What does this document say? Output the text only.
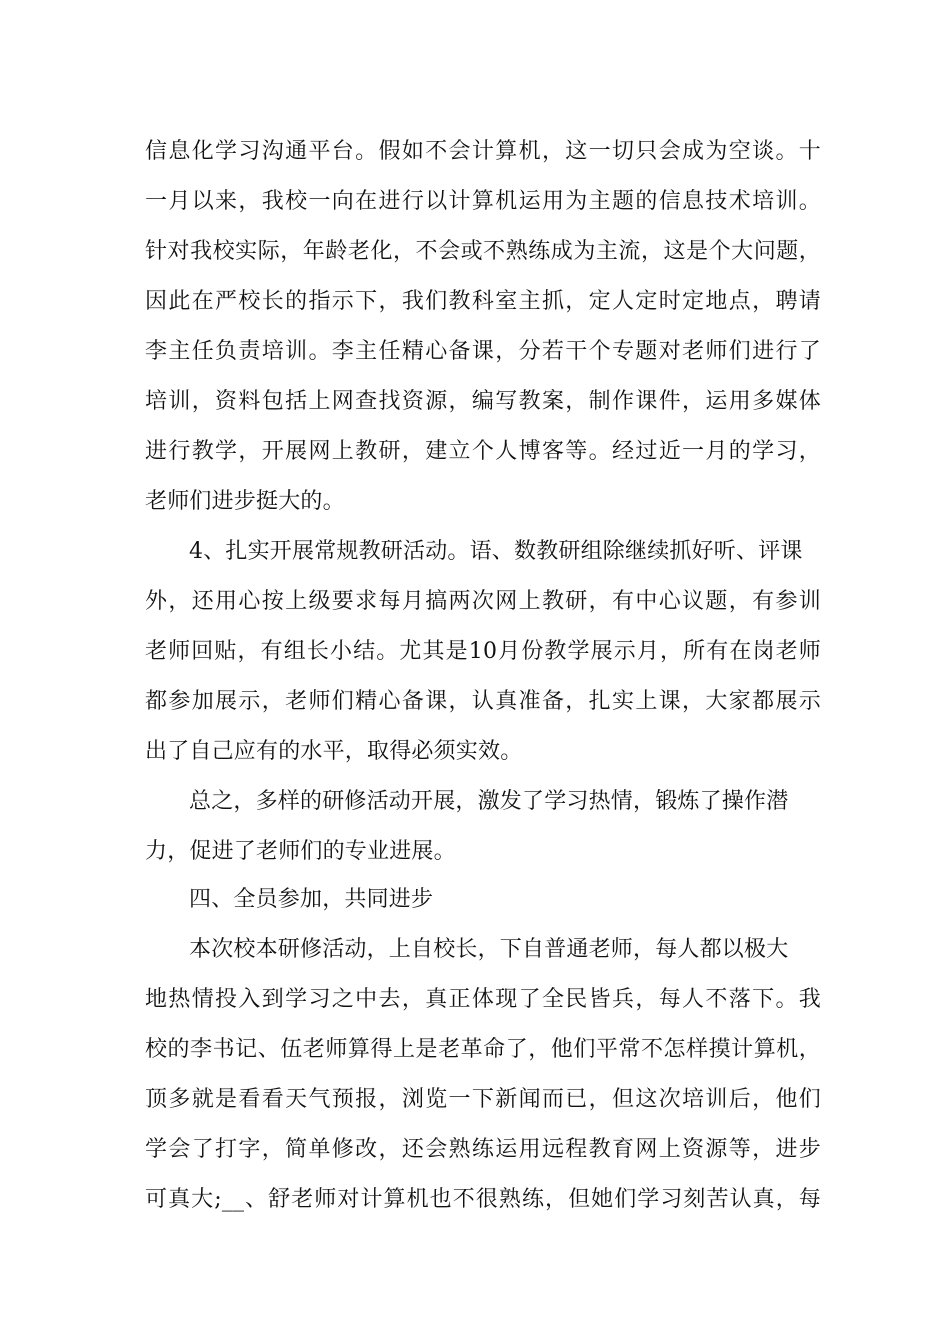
信息化学习沟通平台。假如不会计算机，这一切只会成为空谈。十
一月以来，我校一向在进行以计算机运用为主题的信息技术培训。
针对我校实际，年龄老化，不会或不熟练成为主流，这是个大问题，
因此在严校长的指示下，我们教科室主抓，定人定时定地点，聘请
李主任负责培训。李主任精心备课，分若干个专题对老师们进行了
培训，资料包括上网查找资源，编写教案，制作课件，运用多媒体
进行教学，开展网上教研，建立个人博客等。经过近一月的学习，
老师们进步挺大的。
4、扎实开展常规教研活动。语、数教研组除继续抓好听、评课
外，还用心按上级要求每月搞两次网上教研，有中心议题，有参训
老师回贴，有组长小结。尤其是10月份教学展示月，所有在岗老师
都参加展示，老师们精心备课，认真准备，扎实上课，大家都展示
出了自己应有的水平，取得必须实效。
总之，多样的研修活动开展，激发了学习热情，锻炼了操作潜
力，促进了老师们的专业进展。
四、全员参加，共同进步
本次校本研修活动，上自校长，下自普通老师，每人都以极大
地热情投入到学习之中去，真正体现了全民皆兵，每人不落下。我
校的李书记、伍老师算得上是老革命了，他们平常不怎样摸计算机，
顶多就是看看天气预报，浏览一下新闻而已，但这次培训后，他们
学会了打字，简单修改，还会熟练运用远程教育网上资源等，进步
可真大;__、舒老师对计算机也不很熟练，但她们学习刻苦认真，每
